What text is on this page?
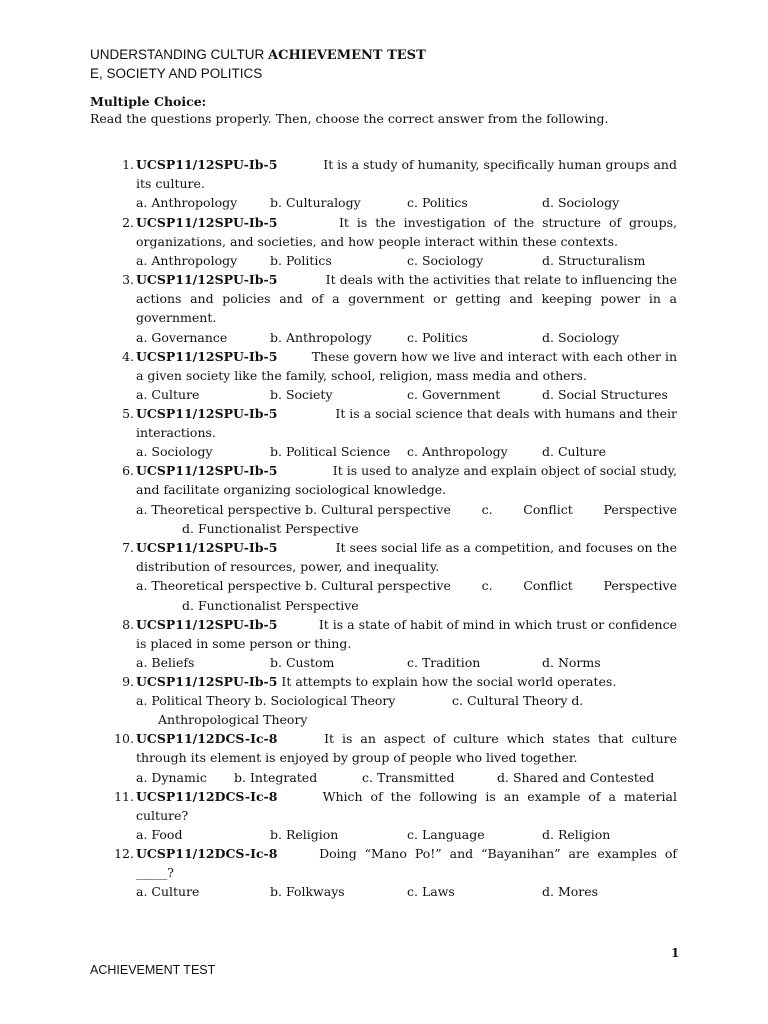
UNDERSTANDING CULTUR ACHIEVEMENT TEST
E, SOCIETY AND POLITICS
Multiple Choice:
Read the questions properly. Then, choose the correct answer from the following.
1. UCSP11/12SPU-Ib-5	It is a study of humanity, specifically human groups and
its culture.
a. Anthropology	b. Culturalogy	c. Politics	d. Sociology
2. UCSP11/12SPU-Ib-5	It  is  the  investigation  of  the  structure  of  groups,
organizations, and societies, and how people interact within these contexts.
a. Anthropology	b. Politics	c. Sociology	d. Structuralism
3. UCSP11/12SPU-Ib-5	It deals with the activities that relate to influencing the
actions and policies and of a government or getting and keeping power in a
government.
a. Governance	b. Anthropology	c. Politics	d. Sociology
4. UCSP11/12SPU-Ib-5	These govern how we live and interact with each other in
a given society like the family, school, religion, mass media and others.
a. Culture	b. Society	c. Government	d. Social Structures
5. UCSP11/12SPU-Ib-5	It is a social science that deals with humans and their
interactions.
a. Sociology	b. Political Science c. Anthropology	d. Culture
6. UCSP11/12SPU-Ib-5	It is used to analyze and explain object of social study,
and facilitate organizing sociological knowledge.
a. Theoretical perspective b. Cultural perspective c. Conflict Perspective
d. Functionalist Perspective
7. UCSP11/12SPU-Ib-5	It sees social life as a competition, and focuses on the
distribution of resources, power, and inequality.
a. Theoretical perspective b. Cultural perspective c. Conflict Perspective
d. Functionalist Perspective
8. UCSP11/12SPU-Ib-5	It is a state of habit of mind in which trust or confidence
is placed in some person or thing.
a. Beliefs	b. Custom	c. Tradition	d. Norms
9. UCSP11/12SPU-Ib-5 It attempts to explain how the social world operates.
a. Political Theory b. Sociological Theory	c. Cultural Theory d.
Anthropological Theory
10. UCSP11/12DCS-Ic-8	It  is  an  aspect  of  culture  which  states  that  culture
through its element is enjoyed by group of people who lived together.
a. Dynamic b. Integrated	c. Transmitted	d. Shared and Contested
11. UCSP11/12DCS-Ic-8	Which  of  the  following  is  an  example  of  a  material
culture?
a. Food	b. Religion	c. Language	d. Religion
12. UCSP11/12DCS-Ic-8	Doing  “Mano  Po!”  and  “Bayanihan”  are  examples  of
_____?
a. Culture	b. Folkways	c. Laws	d. Mores
1
ACHIEVEMENT TEST
